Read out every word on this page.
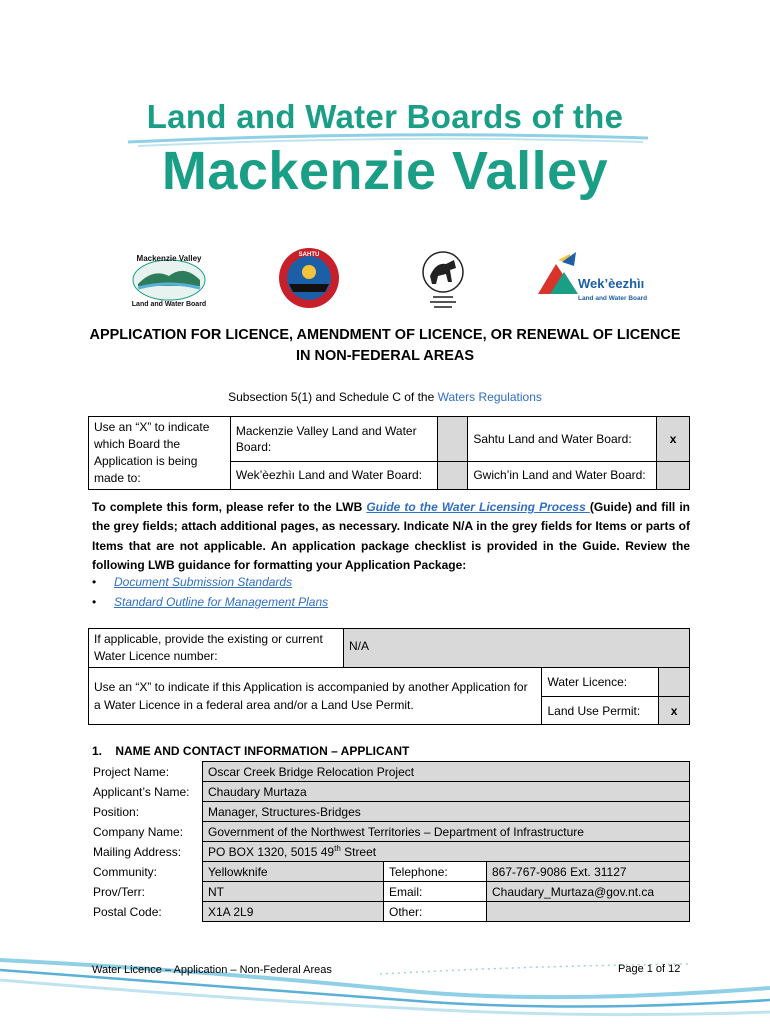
Land and Water Boards of the
Mackenzie Valley
Mackenzie Valley
Land and Water Board
SAHTU
Wek’èezhìı
Land and Water Board
APPLICATION FOR LICENCE, AMENDMENT OF LICENCE, OR RENEWAL OF LICENCE
IN NON-FEDERAL AREAS
Subsection 5(1) and Schedule C of the Waters Regulations
Use an “X” to indicate which Board the Application is being made to:	Mackenzie Valley Land and Water Board:		Sahtu Land and Water Board:	x
	Wek’èezhìı Land and Water Board:		Gwich’in Land and Water Board:	
To complete this form, please refer to the LWB Guide to the Water Licensing Process (Guide) and fill in the grey fields; attach additional pages, as necessary. Indicate N/A in the grey fields for Items or parts of Items that are not applicable. An application package checklist is provided in the Guide. Review the following LWB guidance for formatting your Application Package:
• Document Submission Standards
• Standard Outline for Management Plans
If applicable, provide the existing or current Water Licence number:	N/A
Use an “X” to indicate if this Application is accompanied by another Application for a Water Licence in a federal area and/or a Land Use Permit.	Water Licence:	
	Land Use Permit:	x
1.    NAME AND CONTACT INFORMATION – APPLICANT
Project Name:	Oscar Creek Bridge Relocation Project		
Applicant’s Name:	Chaudary Murtaza		
Position:	Manager, Structures-Bridges		
Company Name:	Government of the Northwest Territories – Department of Infrastructure		
Mailing Address:	PO BOX 1320, 5015 49th Street		
Community:	Yellowknife	Telephone:	867-767-9086 Ext. 31127
Prov/Terr:	NT	Email:	Chaudary_Murtaza@gov.nt.ca
Postal Code:	X1A 2L9	Other:	
Water Licence – Application – Non-Federal Areas	Page 1 of 12
